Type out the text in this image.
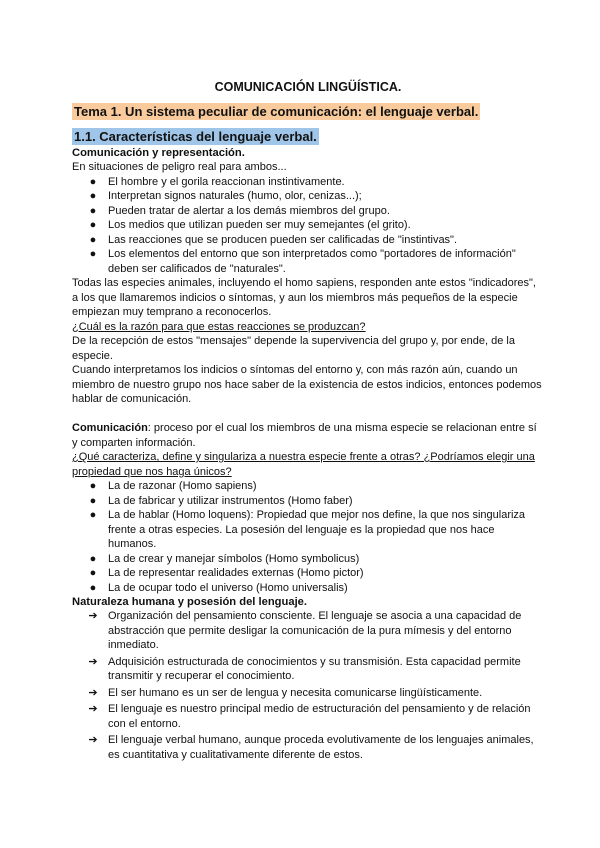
COMUNICACIÓN LINGÜÍSTICA.
Tema 1. Un sistema peculiar de comunicación: el lenguaje verbal.
1.1. Características del lenguaje verbal.
Comunicación y representación.

En situaciones de peligro real para ambos...

●	El hombre y el gorila reaccionan instintivamente.
●	Interpretan signos naturales (humo, olor, cenizas...);
●	Pueden tratar de alertar a los demás miembros del grupo.
●	Los medios que utilizan pueden ser muy semejantes (el grito).
●	Las reacciones que se producen pueden ser calificadas de "instintivas".
●	Los elementos del entorno que son interpretados como "portadores de información" deben ser calificados de "naturales".

Todas las especies animales, incluyendo el homo sapiens, responden ante estos "indicadores", a los que llamaremos indicios o síntomas, y aun los miembros más pequeños de la especie empiezan muy temprano a reconocerlos.

¿Cuál es la razón para que estas reacciones se produzcan?

De la recepción de estos "mensajes" depende la supervivencia del grupo y, por ende, de la especie.

Cuando interpretamos los indicios o síntomas del entorno y, con más razón aún, cuando un miembro de nuestro grupo nos hace saber de la existencia de estos indicios, entonces podemos hablar de comunicación.

Comunicación: proceso por el cual los miembros de una misma especie se relacionan entre sí y comparten información.

¿Qué caracteriza, define y singulariza a nuestra especie frente a otras? ¿Podríamos elegir una propiedad que nos haga únicos?

●	La de razonar (Homo sapiens)
●	La de fabricar y utilizar instrumentos (Homo faber)
●	La de hablar (Homo loquens): Propiedad que mejor nos define, la que nos singulariza frente a otras especies. La posesión del lenguaje es la propiedad que nos hace humanos.
●	La de crear y manejar símbolos (Homo symbolicus)
●	La de representar realidades externas (Homo pictor)
●	La de ocupar todo el universo (Homo universalis)
Naturaleza humana y posesión del lenguaje.
➔ Organización del pensamiento consciente. El lenguaje se asocia a una capacidad de abstracción que permite desligar la comunicación de la pura mímesis y del entorno inmediato.
➔ Adquisición estructurada de conocimientos y su transmisión. Esta capacidad permite transmitir y recuperar el conocimiento.
➔ El ser humano es un ser de lengua y necesita comunicarse lingüísticamente.
➔ El lenguaje es nuestro principal medio de estructuración del pensamiento y de relación con el entorno.
➔ El lenguaje verbal humano, aunque proceda evolutivamente de los lenguajes animales, es cuantitativa y cualitativamente diferente de estos.
